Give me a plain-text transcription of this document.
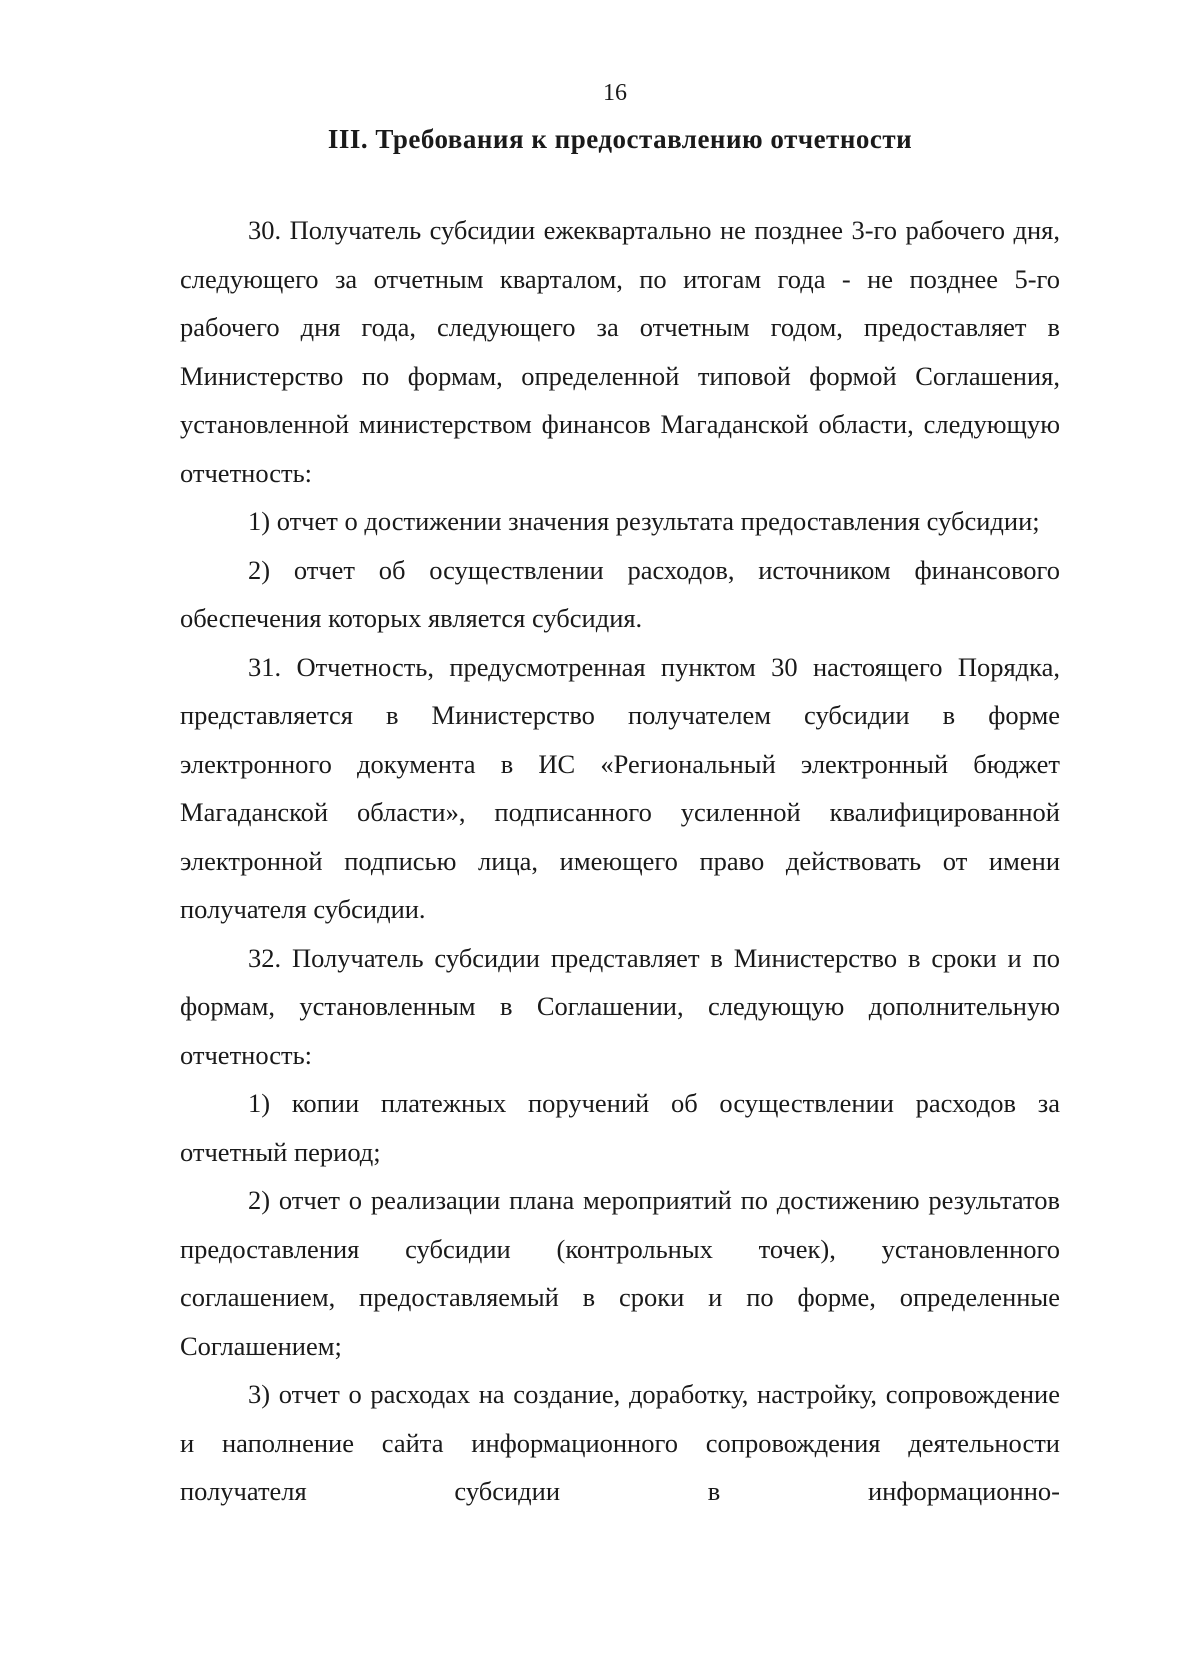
16
III. Требования к предоставлению отчетности

30. Получатель субсидии ежеквартально не позднее 3-го рабочего дня, следующего за отчетным кварталом, по итогам года - не позднее 5-го рабочего дня года, следующего за отчетным годом, предоставляет в Министерство по формам, определенной типовой формой Соглашения, установленной министерством финансов Магаданской области, следующую отчетность:

1) отчет о достижении значения результата предоставления субсидии;

2) отчет об осуществлении расходов, источником финансового обеспечения которых является субсидия.

31. Отчетность, предусмотренная пунктом 30 настоящего Порядка, представляется в Министерство получателем субсидии в форме электронного документа в ИС «Региональный электронный бюджет Магаданской области», подписанного усиленной квалифицированной электронной подписью лица, имеющего право действовать от имени получателя субсидии.

32. Получатель субсидии представляет в Министерство в сроки и по формам, установленным в Соглашении, следующую дополнительную отчетность:

1) копии платежных поручений об осуществлении расходов за отчетный период;

2) отчет о реализации плана мероприятий по достижению результатов предоставления субсидии (контрольных точек), установленного соглашением, предоставляемый в сроки и по форме, определенные Соглашением;

3) отчет о расходах на создание, доработку, настройку, сопровождение и наполнение сайта информационного сопровождения деятельности получателя субсидии в информационно-
